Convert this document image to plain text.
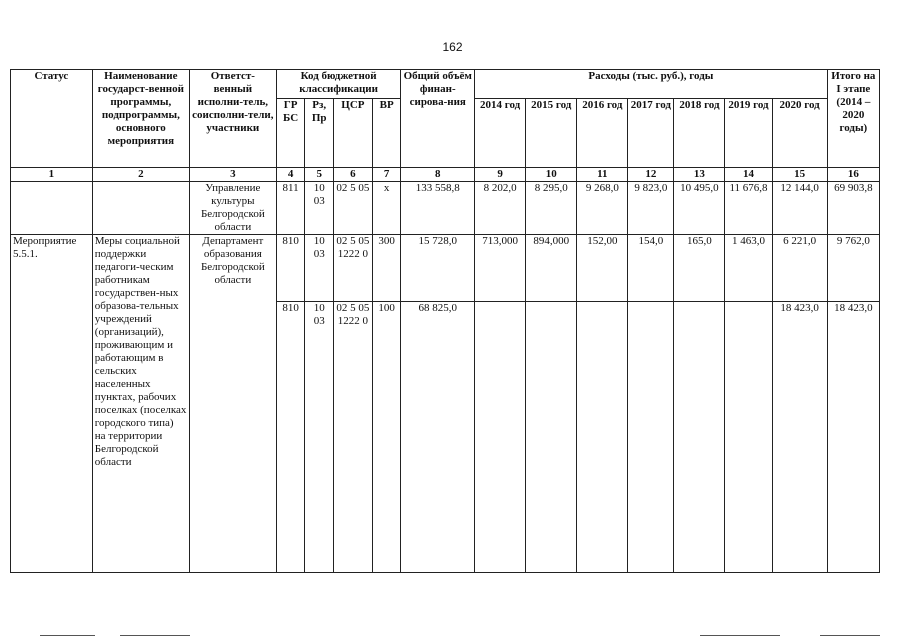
162
Статус	Наименование государст-венной программы, подпрограммы, основного мероприятия	Ответст-венный исполни-тель, соисполни-тели, участники	Код бюджетной классификации				Общий объём финан-сирова-ния	Расходы (тыс. руб.), годы							Итого на I этапе (2014 – 2020 годы)
			ГР БС	Рз, Пр	ЦСР	ВР		2014 год	2015 год	2016 год	2017 год	2018 год	2019 год	2020 год	
1	2	3	4	5	6	7	8	9	10	11	12	13	14	15	16
		Управление культуры Белгородской области	811	10 03	02 5 05	х	133 558,8	8 202,0	8 295,0	9 268,0	9 823,0	10 495,0	11 676,8	12 144,0	69 903,8
Мероприятие 5.5.1.	Меры социальной поддержки педагоги-ческим работникам государствен-ных образова-тельных учреждений (организаций), проживающим и работающим в сельских населенных пунктах, рабочих поселках (поселках городского типа) на территории Белгородской области	Департамент образования Белгородской области	810	10 03	02 5 05 1222 0	300	15 728,0	713,000	894,000	152,00	154,0	165,0	1 463,0	6 221,0	9 762,0
			810	10 03	02 5 05 1222 0	100	68 825,0							18 423,0	18 423,0
